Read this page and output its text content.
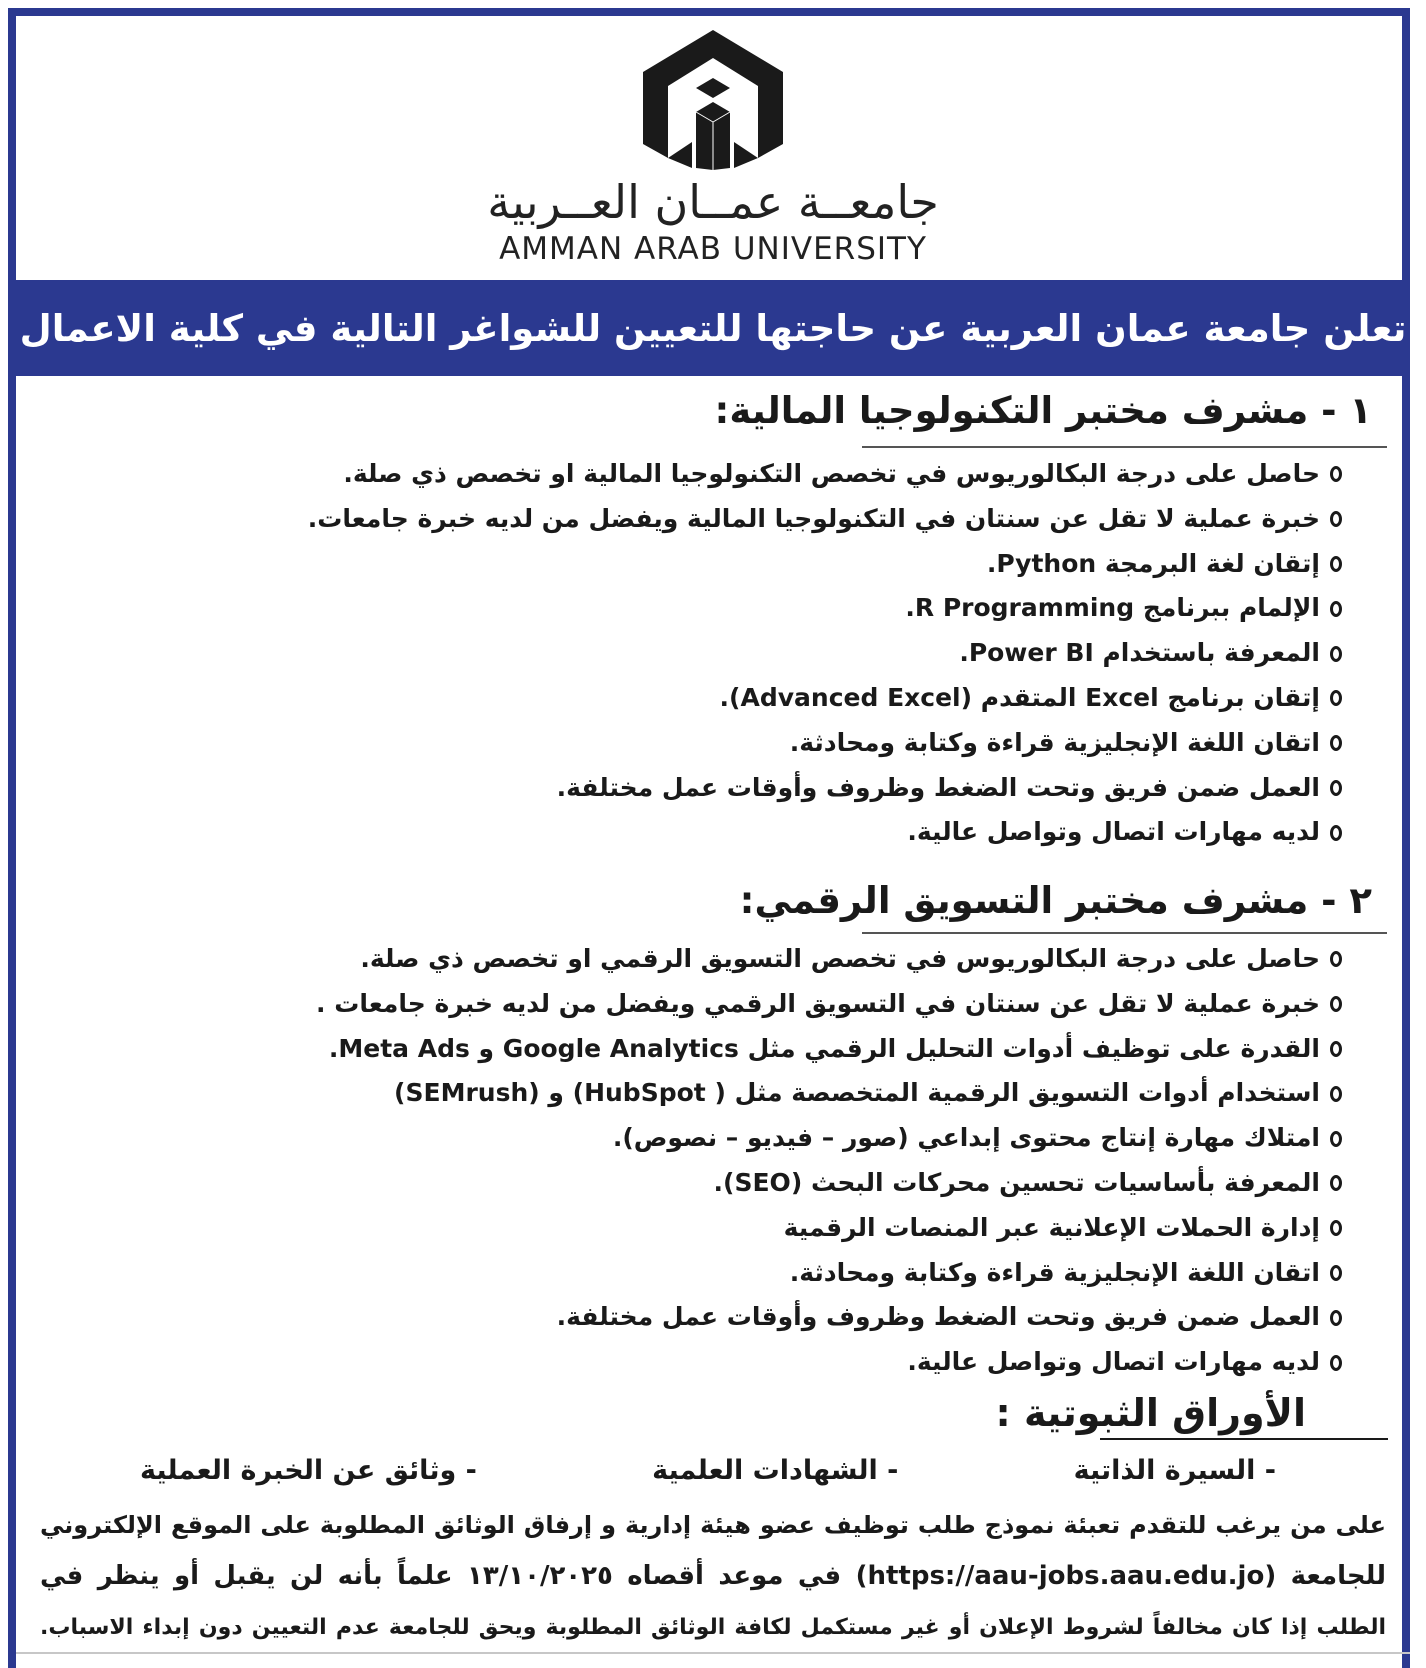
جامعــة عمــان العــربية
AMMAN ARAB UNIVERSITY
تعلن جامعة عمان العربية عن حاجتها للتعيين للشواغر التالية في كلية الاعمال
١ - مشرف مختبر التكنولوجيا المالية:
حاصل على درجة البكالوريوس في تخصص التكنولوجيا المالية او تخصص ذي صلة.
خبرة عملية لا تقل عن سنتان في التكنولوجيا المالية ويفضل من لديه خبرة جامعات.
إتقان لغة البرمجة Python.
الإلمام ببرنامج R Programming.
المعرفة باستخدام Power BI.
إتقان برنامج Excel المتقدم (Advanced Excel).
اتقان اللغة الإنجليزية قراءة وكتابة ومحادثة.
العمل ضمن فريق وتحت الضغط وظروف وأوقات عمل مختلفة.
لديه مهارات اتصال وتواصل عالية.
٢ - مشرف مختبر التسويق الرقمي:
حاصل على درجة البكالوريوس في تخصص التسويق الرقمي او تخصص ذي صلة.
خبرة عملية لا تقل عن سنتان في التسويق الرقمي ويفضل من لديه خبرة جامعات .
القدرة على توظيف أدوات التحليل الرقمي مثل Google Analytics و Meta Ads.
استخدام أدوات التسويق الرقمية المتخصصة مثل ( HubSpot) و (SEMrush)
امتلاك مهارة إنتاج محتوى إبداعي (صور – فيديو – نصوص).
المعرفة بأساسيات تحسين محركات البحث (SEO).
إدارة الحملات الإعلانية عبر المنصات الرقمية
اتقان اللغة الإنجليزية قراءة وكتابة ومحادثة.
العمل ضمن فريق وتحت الضغط وظروف وأوقات عمل مختلفة.
لديه مهارات اتصال وتواصل عالية.
الأوراق الثبوتية :
- السيرة الذاتية
- الشهادات العلمية
- وثائق عن الخبرة العملية
على من يرغب للتقدم تعبئة نموذج طلب توظيف عضو هيئة إدارية و إرفاق الوثائق المطلوبة على الموقع الإلكتروني
للجامعة (https://aau-jobs.aau.edu.jo) في موعد أقصاه ١٣/١٠/٢٠٢٥ علماً بأنه لن يقبل أو ينظر في
الطلب إذا كان مخالفاً لشروط الإعلان أو غير مستكمل لكافة الوثائق المطلوبة ويحق للجامعة عدم التعيين دون إبداء الاسباب.
